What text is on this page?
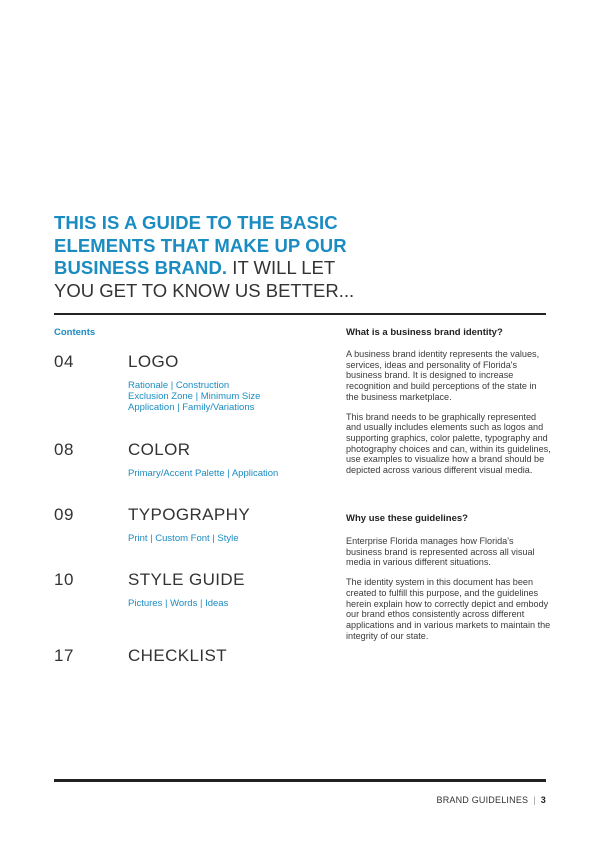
THIS IS A GUIDE TO THE BASIC
ELEMENTS THAT MAKE UP OUR
BUSINESS BRAND. IT WILL LET
YOU GET TO KNOW US BETTER...
Contents
04	LOGO
Rationale | Construction
Exclusion Zone | Minimum Size
Application | Family/Variations
08	COLOR
Primary/Accent Palette | Application
09	TYPOGRAPHY
Print | Custom Font | Style
10	STYLE GUIDE
Pictures | Words | Ideas
17	CHECKLIST

What is a business brand identity?

A business brand identity represents the values, services, ideas and personality of Florida's business brand. It is designed to increase recognition and build perceptions of the state in the business marketplace.

This brand needs to be graphically represented and usually includes elements such as logos and supporting graphics, color palette, typography and photography choices and can, within its guidelines, use examples to visualize how a brand should be depicted across various different visual media.

Why use these guidelines?

Enterprise Florida manages how Florida's business brand is represented across all visual media in various different situations.

The identity system in this document has been created to fulfill this purpose, and the guidelines herein explain how to correctly depict and embody our brand ethos consistently across different applications and in various markets to maintain the integrity of our state.

BRAND GUIDELINES | 3
